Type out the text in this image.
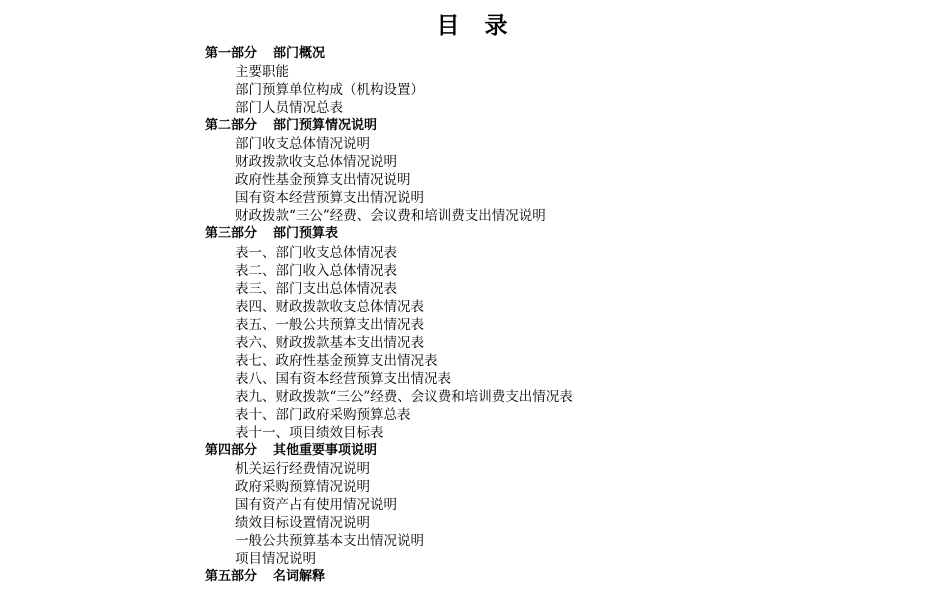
目　录
第一部分 部门概况
主要职能
部门预算单位构成（机构设置）
部门人员情况总表
第二部分 部门预算情况说明
部门收支总体情况说明
财政拨款收支总体情况说明
政府性基金预算支出情况说明
国有资本经营预算支出情况说明
财政拨款“三公”经费、会议费和培训费支出情况说明
第三部分 部门预算表
表一、部门收支总体情况表
表二、部门收入总体情况表
表三、部门支出总体情况表
表四、财政拨款收支总体情况表
表五、一般公共预算支出情况表
表六、财政拨款基本支出情况表
表七、政府性基金预算支出情况表
表八、国有资本经营预算支出情况表
表九、财政拨款“三公”经费、会议费和培训费支出情况表
表十、部门政府采购预算总表
表十一、项目绩效目标表
第四部分 其他重要事项说明
机关运行经费情况说明
政府采购预算情况说明
国有资产占有使用情况说明
绩效目标设置情况说明
一般公共预算基本支出情况说明
项目情况说明
第五部分 名词解释
